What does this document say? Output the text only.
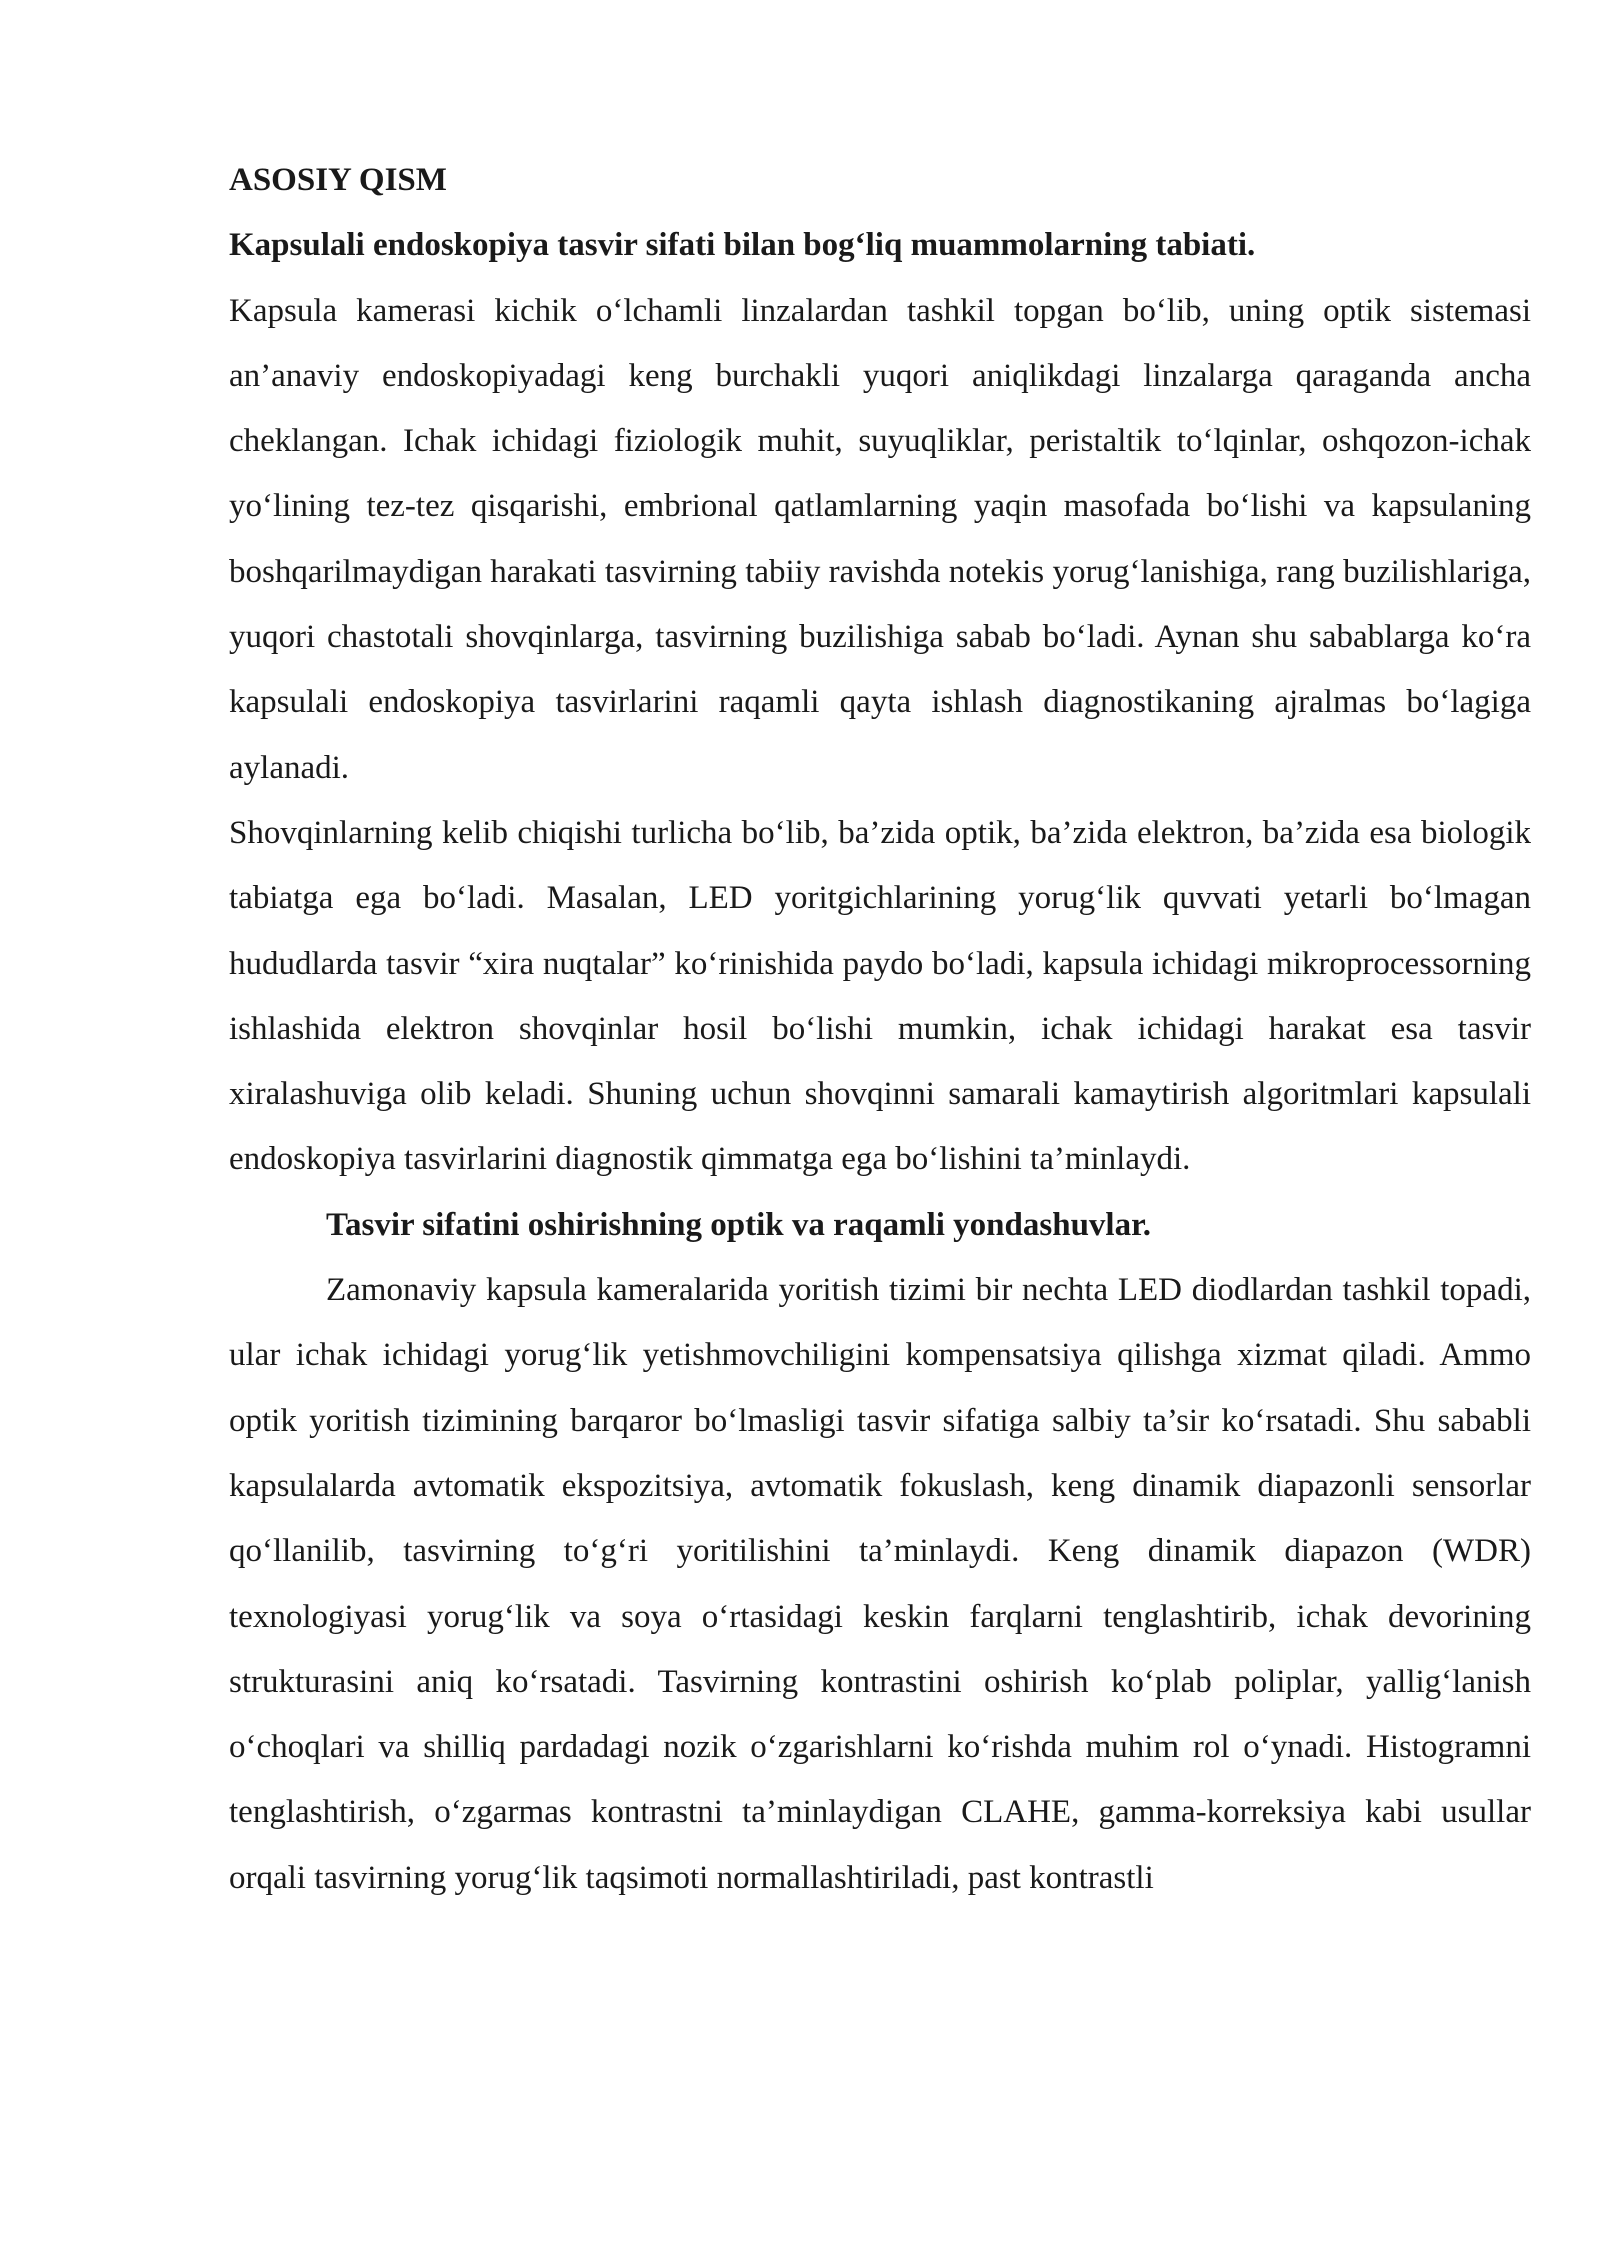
ASOSIY QISM

Kapsulali endoskopiya tasvir sifati bilan bog‘liq muammolarning tabiati.

Kapsula kamerasi kichik o‘lchamli linzalardan tashkil topgan bo‘lib, uning optik sistemasi an’anaviy endoskopiyadagi keng burchakli yuqori aniqlikdagi linzalarga qaraganda ancha cheklangan. Ichak ichidagi fiziologik muhit, suyuqliklar, peristaltik to‘lqinlar, oshqozon-ichak yo‘lining tez-tez qisqarishi, embrional qatlamlarning yaqin masofada bo‘lishi va kapsulaning boshqarilmaydigan harakati tasvirning tabiiy ravishda notekis yorug‘lanishiga, rang buzilishlariga, yuqori chastotali shovqinlarga, tasvirning buzilishiga sabab bo‘ladi. Aynan shu sabablarga ko‘ra kapsulali endoskopiya tasvirlarini raqamli qayta ishlash diagnostikaning ajralmas bo‘lagiga aylanadi.

Shovqinlarning kelib chiqishi turlicha bo‘lib, ba’zida optik, ba’zida elektron, ba’zida esa biologik tabiatga ega bo‘ladi. Masalan, LED yoritgichlarining yorug‘lik quvvati yetarli bo‘lmagan hududlarda tasvir “xira nuqtalar” ko‘rinishida paydo bo‘ladi, kapsula ichidagi mikroprocessorning ishlashida elektron shovqinlar hosil bo‘lishi mumkin, ichak ichidagi harakat esa tasvir xiralashuviga olib keladi. Shuning uchun shovqinni samarali kamaytirish algoritmlari kapsulali endoskopiya tasvirlarini diagnostik qimmatga ega bo‘lishini ta’minlaydi.

Tasvir sifatini oshirishning optik va raqamli yondashuvlar.

Zamonaviy kapsula kameralarida yoritish tizimi bir nechta LED diodlardan tashkil topadi, ular ichak ichidagi yorug‘lik yetishmovchiligini kompensatsiya qilishga xizmat qiladi. Ammo optik yoritish tizimining barqaror bo‘lmasligi tasvir sifatiga salbiy ta’sir ko‘rsatadi. Shu sababli kapsulalarda avtomatik ekspozitsiya, avtomatik fokuslash, keng dinamik diapazonli sensorlar qo‘llanilib, tasvirning to‘g‘ri yoritilishini ta’minlaydi. Keng dinamik diapazon (WDR) texnologiyasi yorug‘lik va soya o‘rtasidagi keskin farqlarni tenglashtirib, ichak devorining strukturasini aniq ko‘rsatadi. Tasvirning kontrastini oshirish ko‘plab poliplar, yallig‘lanish o‘choqlari va shilliq pardadagi nozik o‘zgarishlarni ko‘rishda muhim rol o‘ynadi. Histogramni tenglashtirish, o‘zgarmas kontrastni ta’minlaydigan CLAHE, gamma-korreksiya kabi usullar orqali tasvirning yorug‘lik taqsimoti normallashtiriladi, past kontrastli
